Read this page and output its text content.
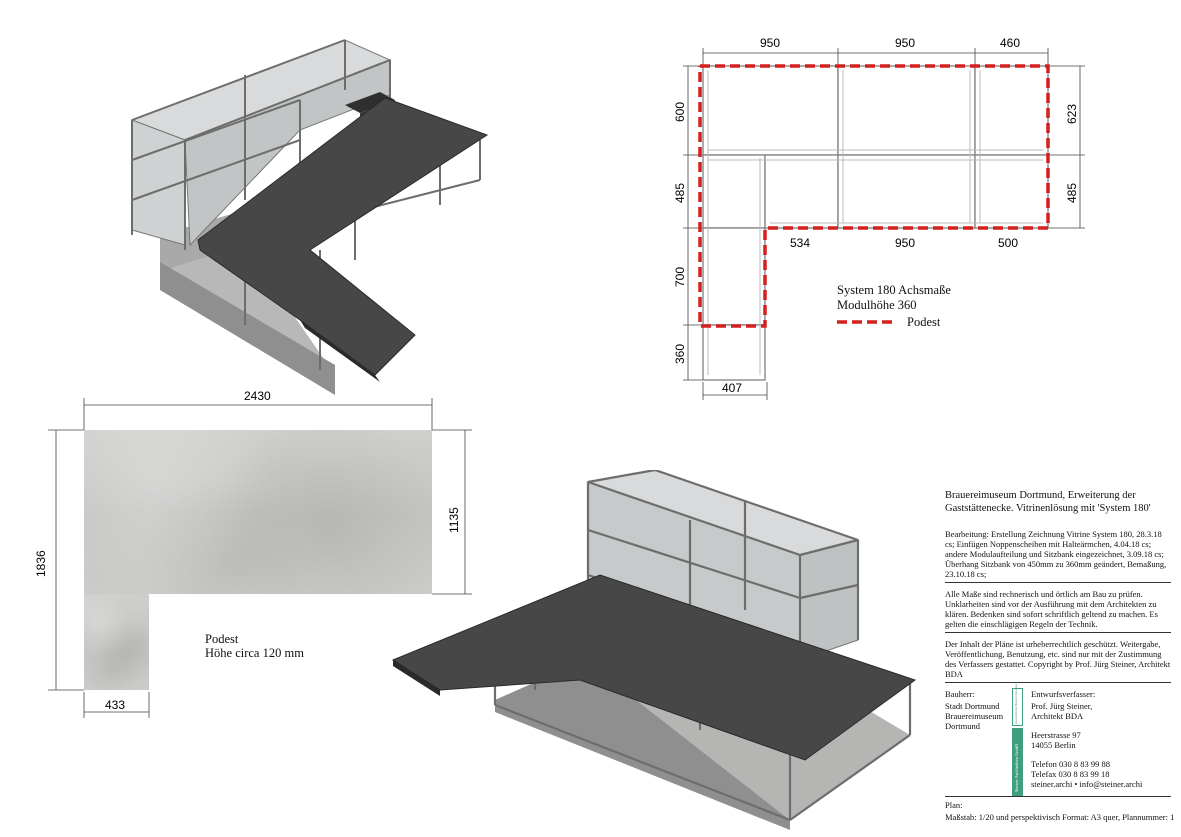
950	950	460
600
485
700
360
623
485
534	950	500
407
System 180 Achsmaße
Modulhöhe 360
Podest
2430
1836
1135
433
Podest
Höhe circa 120 mm
Brauereimuseum Dortmund, Erweiterung der Gaststättenecke. Vitrinenlösung mit 'System 180'
Bearbeitung: Erstellung Zeichnung Vitrine System 180, 28.3.18 cs; Einfügen Noppenscheiben mit Halteärmchen, 4.04.18 cs; andere Modulaufteilung und Sitzbank eingezeichnet, 3.09.18 cs; Überhang Sitzbank von 450mm zu 360mm geändert, Bemaßung, 23.10.18 cs;
Alle Maße sind rechnerisch und örtlich am Bau zu prüfen. Unklarheiten sind vor der Ausführung mit dem Architekten zu klären. Bedenken sind sofort schriftlich geltend zu machen. Es gelten die einschlägigen Regeln der Technik.
Der Inhalt der Pläne ist urheberrechtlich geschützt. Weitergabe, Veröffentlichung, Benutzung, etc. sind nur mit der Zustimmung des Verfassers gestattet. Copyright by Prof. Jürg Steiner, Architekt BDA
Bauherr:
Stadt Dortmund
Brauereimuseum
Dortmund
Ausstellung Design Realisiert
Steiner Architekten GmbH
Entwurfsverfasser:
Prof. Jürg Steiner,
Architekt BDA
Heerstrasse 97
14055 Berlin
Telefon 030 8 83 99 88
Telefax 030 8 83 99 18
steiner.archi • info@steiner.archi
Plan:
Maßstab: 1/20 und perspektivisch Format: A3 quer, Plannummer: 1
